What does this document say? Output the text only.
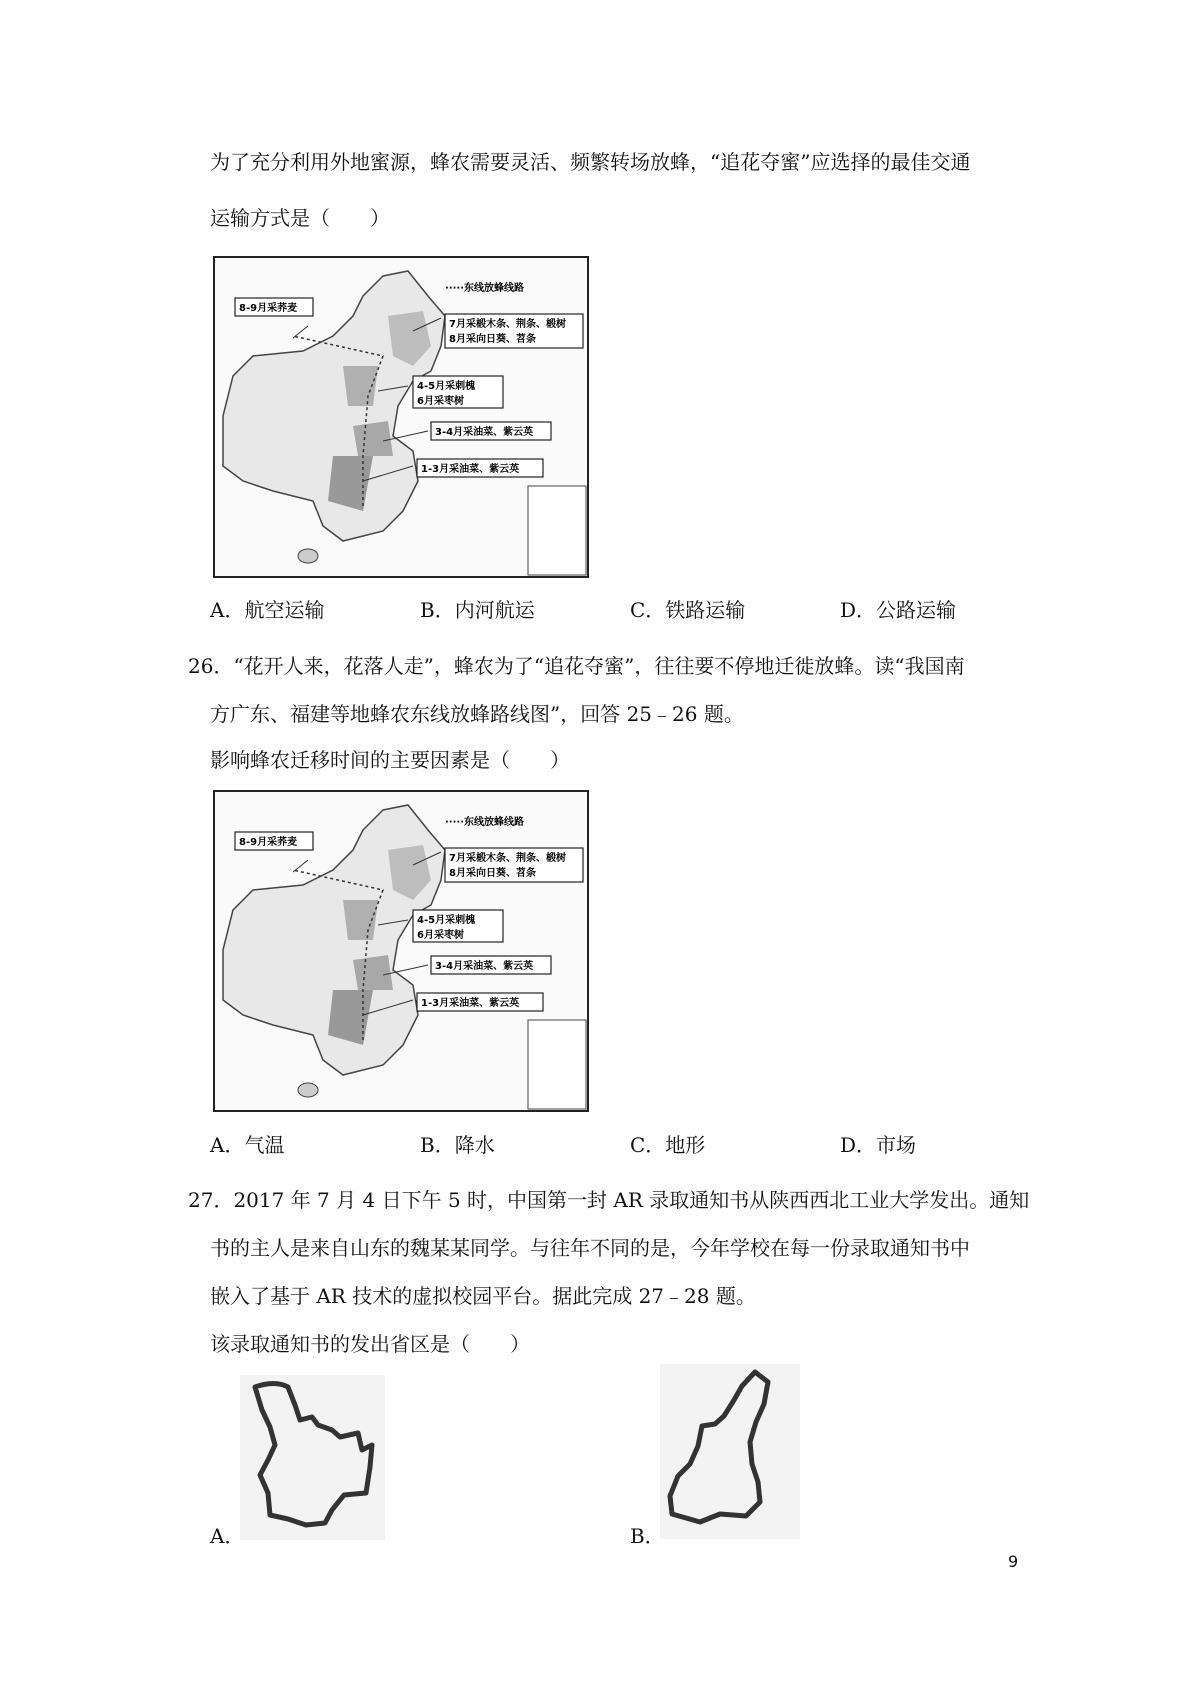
为了充分利用外地蜜源，蜂农需要灵活、频繁转场放蜂，“追花夺蜜”应选择的最佳交通
运输方式是（　　）
·····东线放蜂线路
8-9月采荞麦
7月采椴木条、荆条、椴树
8月采向日葵、苕条
4-5月采刺槐
6月采枣树
3-4月采油菜、紫云英
1-3月采油菜、紫云英
A．航空运输	B．内河航运	C．铁路运输	D．公路运输
26．“花开人来，花落人走”，蜂农为了“追花夺蜜”，往往要不停地迁徙放蜂。读“我国南
方广东、福建等地蜂农东线放蜂路线图”，回答 25﹣26 题。
影响蜂农迁移时间的主要因素是（　　）
·····东线放蜂线路
8-9月采荞麦
7月采椴木条、荆条、椴树
8月采向日葵、苕条
4-5月采刺槐
6月采枣树
3-4月采油菜、紫云英
1-3月采油菜、紫云英
A．气温	B．降水	C．地形	D．市场
27．2017 年 7 月 4 日下午 5 时，中国第一封 AR 录取通知书从陕西西北工业大学发出。通知
书的主人是来自山东的魏某某同学。与往年不同的是，今年学校在每一份录取通知书中
嵌入了基于 AR 技术的虚拟校园平台。据此完成 27﹣28 题。
该录取通知书的发出省区是（　　）
A．	B．
9
